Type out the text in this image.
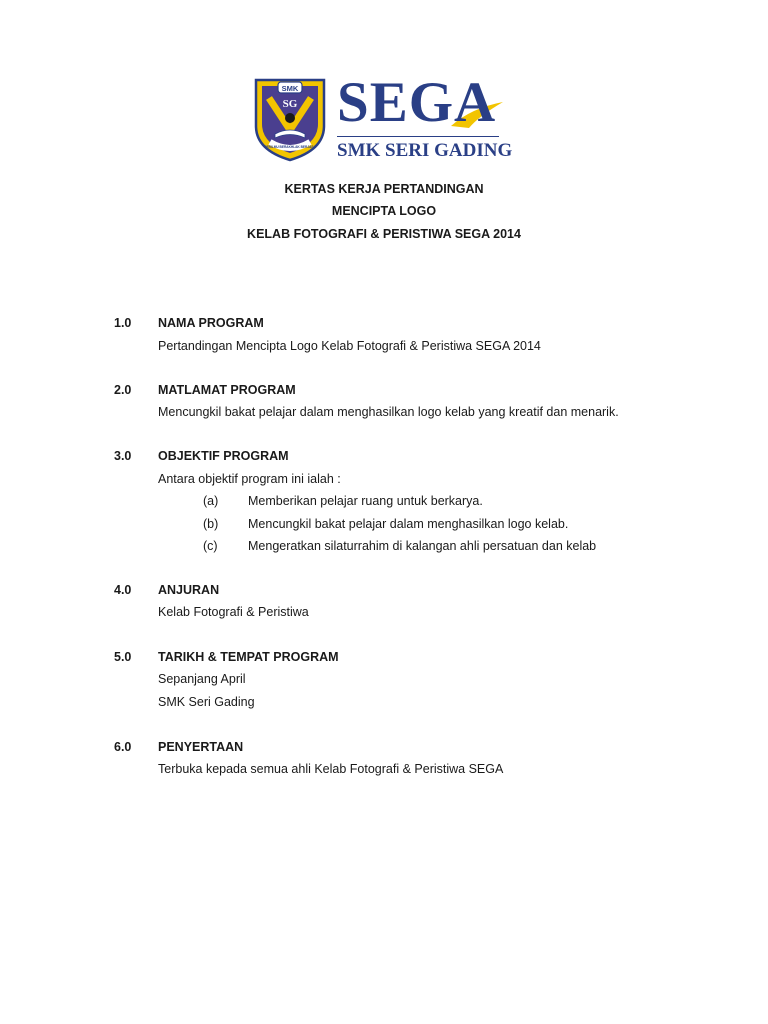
SMK
SG
BERILMU BERAKHLAK BERJASA
SEGA
SMK SERI GADING
KERTAS KERJA PERTANDINGAN
MENCIPTA LOGO
KELAB FOTOGRAFI & PERISTIWA SEGA 2014
1.0 NAMA PROGRAM
Pertandingan Mencipta Logo Kelab Fotografi & Peristiwa SEGA 2014
2.0 MATLAMAT PROGRAM
Mencungkil bakat pelajar dalam menghasilkan logo kelab yang kreatif dan menarik.
3.0 OBJEKTIF PROGRAM
Antara objektif program ini ialah :
(a) Memberikan pelajar ruang untuk berkarya.
(b) Mencungkil bakat pelajar dalam menghasilkan logo kelab.
(c) Mengeratkan silaturrahim di kalangan ahli persatuan dan kelab
4.0 ANJURAN
Kelab Fotografi & Peristiwa
5.0 TARIKH & TEMPAT PROGRAM
Sepanjang April
SMK Seri Gading
6.0 PENYERTAAN
Terbuka kepada semua ahli Kelab Fotografi & Peristiwa SEGA
